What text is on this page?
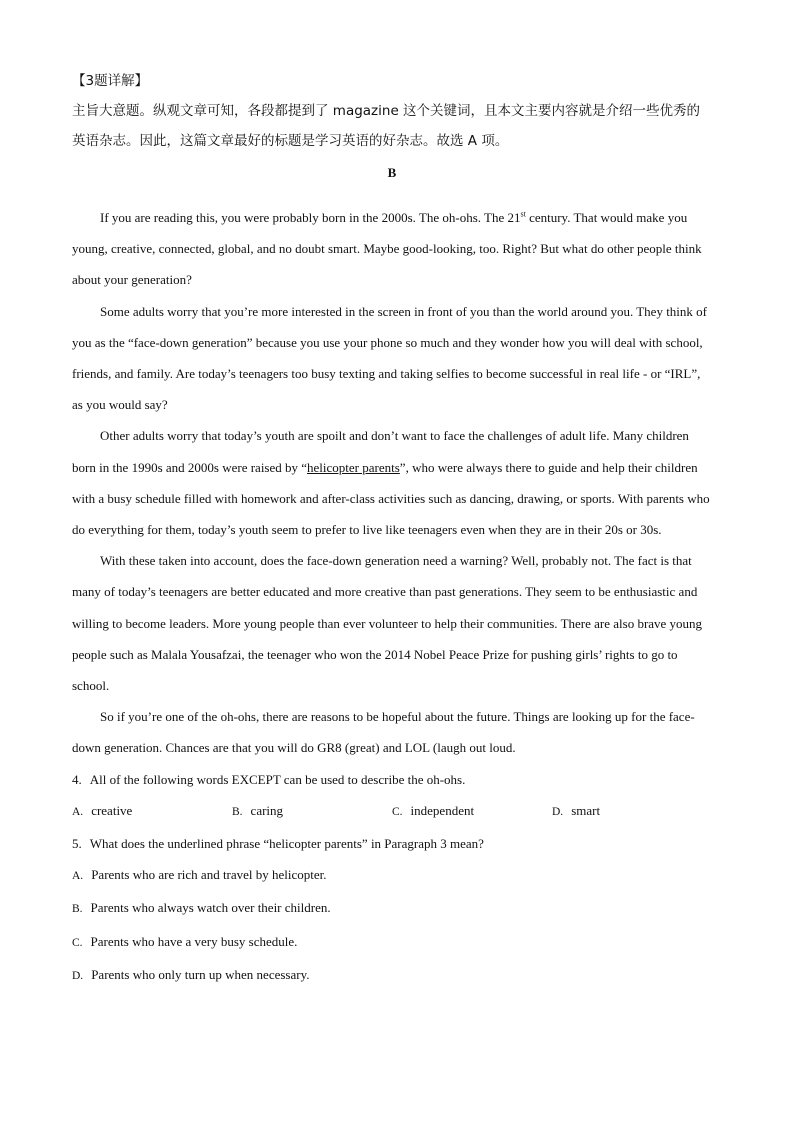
【3题详解】
主旨大意题。纵观文章可知，各段都提到了 magazine 这个关键词，且本文主要内容就是介绍一些优秀的
英语杂志。因此，这篇文章最好的标题是学习英语的好杂志。故选 A 项。
B

If you are reading this, you were probably born in the 2000s. The oh-ohs. The 21st century. That would make you young, creative, connected, global, and no doubt smart. Maybe good-looking, too. Right? But what do other people think about your generation?

Some adults worry that you’re more interested in the screen in front of you than the world around you. They think of you as the “face-down generation” because you use your phone so much and they wonder how you will deal with school, friends, and family. Are today’s teenagers too busy texting and taking selfies to become successful in real life - or “IRL”, as you would say?

Other adults worry that today’s youth are spoilt and don’t want to face the challenges of adult life. Many children born in the 1990s and 2000s were raised by “helicopter parents”, who were always there to guide and help their children with a busy schedule filled with homework and after-class activities such as dancing, drawing, or sports. With parents who do everything for them, today’s youth seem to prefer to live like teenagers even when they are in their 20s or 30s.

With these taken into account, does the face-down generation need a warning? Well, probably not. The fact is that many of today’s teenagers are better educated and more creative than past generations. They seem to be enthusiastic and willing to become leaders. More young people than ever volunteer to help their communities. There are also brave young people such as Malala Yousafzai, the teenager who won the 2014 Nobel Peace Prize for pushing girls’ rights to go to school.

So if you’re one of the oh-ohs, there are reasons to be hopeful about the future. Things are looking up for the face-down generation. Chances are that you will do GR8 (great) and LOL (laugh out loud.

4. All of the following words EXCEPT can be used to describe the oh-ohs.

A. creative	B. caring	C. independent	D. smart

5. What does the underlined phrase “helicopter parents” in Paragraph 3 mean?

A. Parents who are rich and travel by helicopter.

B. Parents who always watch over their children.

C. Parents who have a very busy schedule.

D. Parents who only turn up when necessary.
